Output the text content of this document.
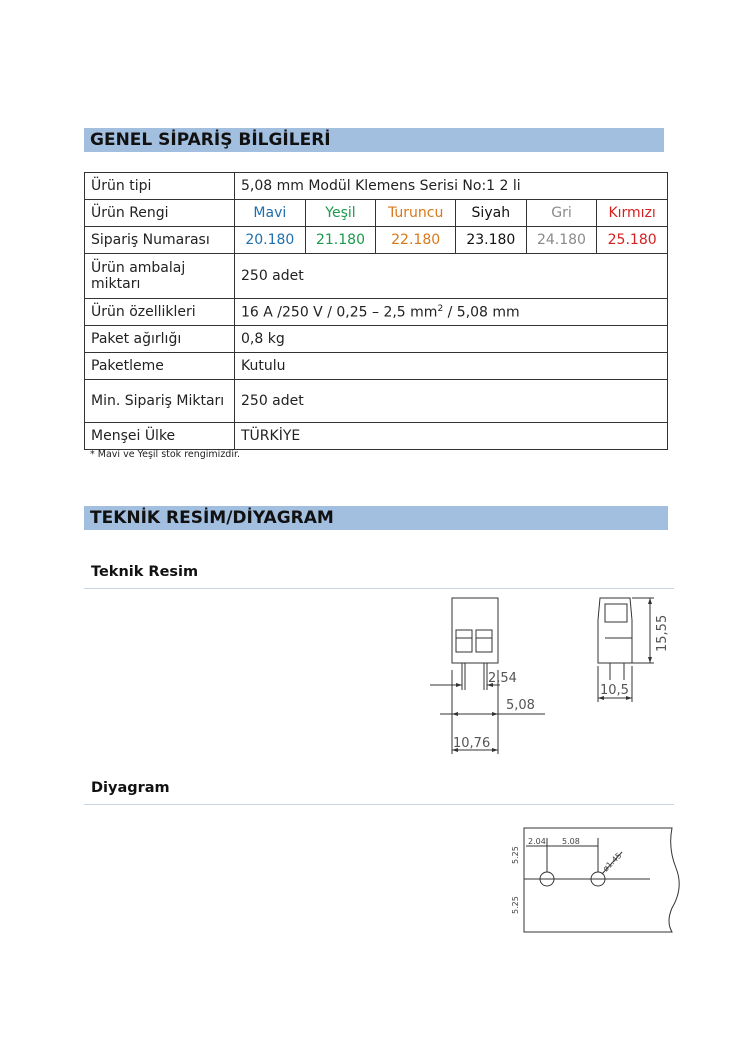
GENEL SİPARİŞ BİLGİLERİ
Ürün tipi	5,08 mm Modül Klemens Serisi No:1 2 li					
Ürün Rengi	Mavi	Yeşil	Turuncu	Siyah	Gri	Kırmızı
Sipariş Numarası	20.180	21.180	22.180	23.180	24.180	25.180
Ürün ambalaj miktarı	250 adet					
Ürün özellikleri	16 A /250 V / 0,25 – 2,5 $mm^2 / 5,08$ mm					
Paket ağırlığı	0,8 kg					
Paketleme	Kutulu					
Min. Sipariş Miktarı	250 adet					
Menşei Ülke	TÜRKİYE					
* Mavi ve Yeşil stok rengimizdir.
TEKNİK RESİM/DİYAGRAM
Teknik Resim
2,54
5,08
10,76
10,5
15,55
Diyagram
2.04 5.08
ø1.45
5.25
5.25
